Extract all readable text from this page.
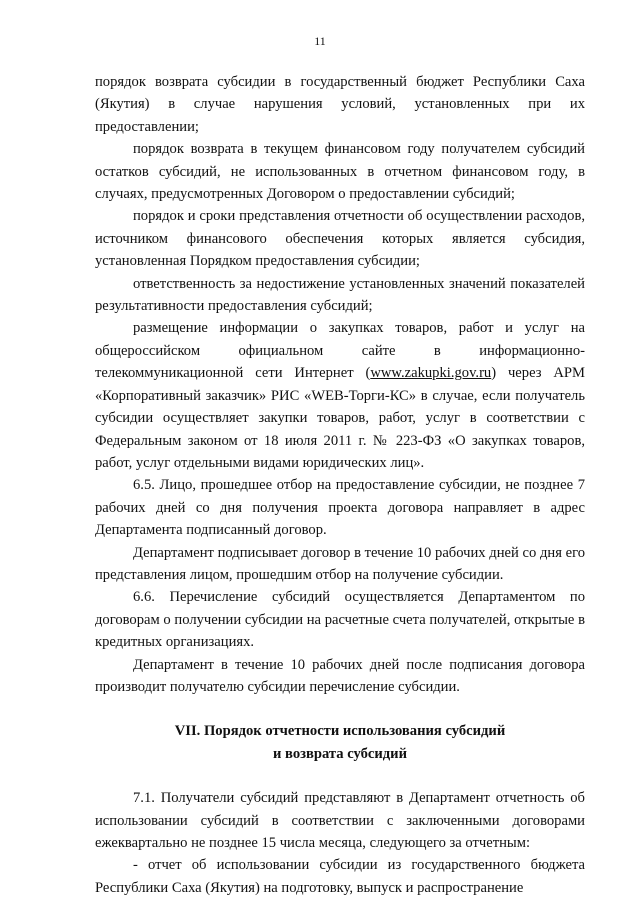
11

порядок возврата субсидии в государственный бюджет Республики Саха (Якутия) в случае нарушения условий, установленных при их предоставлении;

порядок возврата в текущем финансовом году получателем субсидий остатков субсидий, не использованных в отчетном финансовом году, в случаях, предусмотренных Договором о предоставлении субсидий;

порядок и сроки представления отчетности об осуществлении расходов, источником финансового обеспечения которых является субсидия, установленная Порядком предоставления субсидии;

ответственность за недостижение установленных значений показателей результативности предоставления субсидий;

размещение информации о закупках товаров, работ и услуг на общероссийском официальном сайте в информационно-телекоммуникационной сети Интернет (www.zakupki.gov.ru) через АРМ «Корпоративный заказчик» РИС «WEB-Торги-КС» в случае, если получатель субсидии осуществляет закупки товаров, работ, услуг в соответствии с Федеральным законом от 18 июля 2011 г. № 223-ФЗ «О закупках товаров, работ, услуг отдельными видами юридических лиц».

6.5. Лицо, прошедшее отбор на предоставление субсидии, не позднее 7 рабочих дней со дня получения проекта договора направляет в адрес Департамента подписанный договор.

Департамент подписывает договор в течение 10 рабочих дней со дня его представления лицом, прошедшим отбор на получение субсидии.

6.6. Перечисление субсидий осуществляется Департаментом по договорам о получении субсидии на расчетные счета получателей, открытые в кредитных организациях.

Департамент в течение 10 рабочих дней после подписания договора производит получателю субсидии перечисление субсидии.

VII. Порядок отчетности использования субсидий

и возврата субсидий

7.1. Получатели субсидий представляют в Департамент отчетность об использовании субсидий в соответствии с заключенными договорами ежеквартально не позднее 15 числа месяца, следующего за отчетным:

- отчет об использовании субсидии из государственного бюджета Республики Саха (Якутия) на подготовку, выпуск и распространение
